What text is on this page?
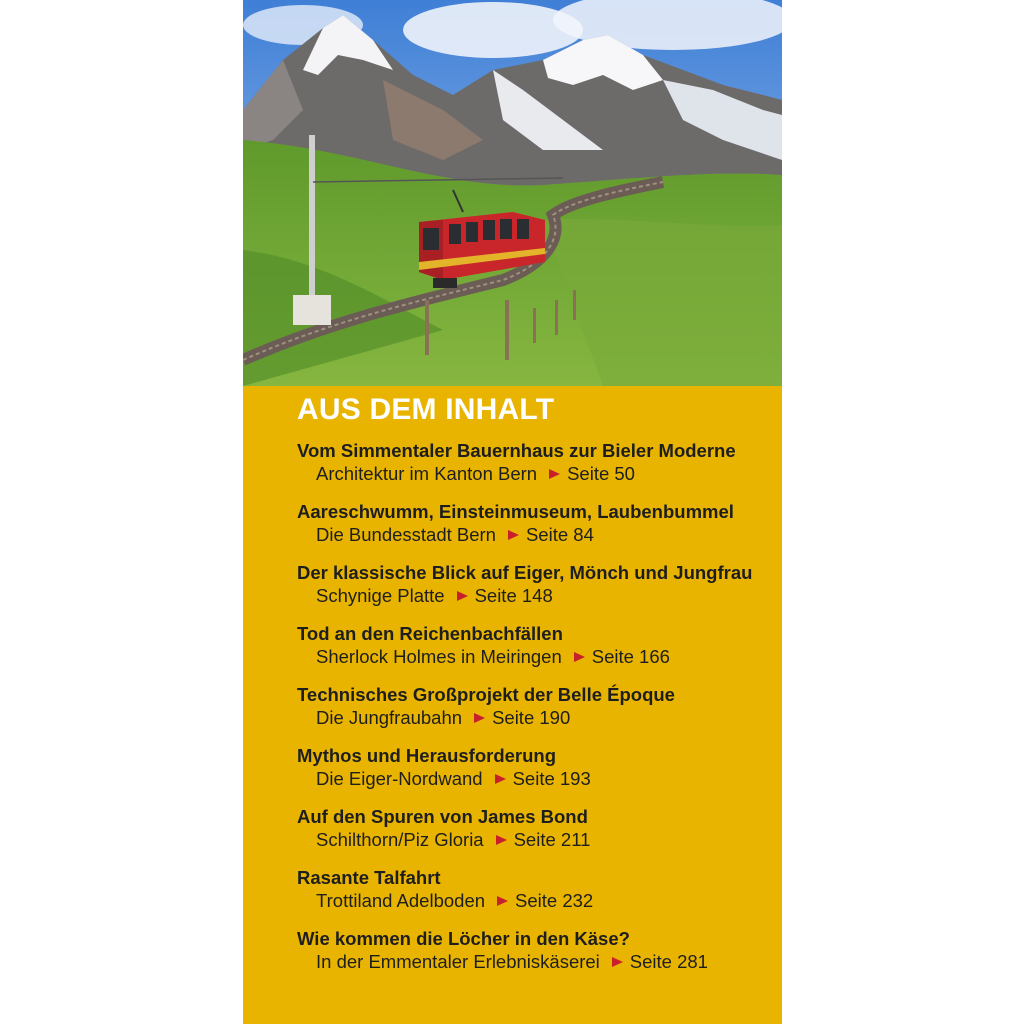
AUS DEM INHALT
Vom Simmentaler Bauernhaus zur Bieler Moderne
Architektur im Kanton Bern Seite 50
Aareschwumm, Einsteinmuseum, Laubenbummel
Die Bundesstadt Bern Seite 84
Der klassische Blick auf Eiger, Mönch und Jungfrau
Schynige Platte Seite 148
Tod an den Reichenbachfällen
Sherlock Holmes in Meiringen Seite 166
Technisches Großprojekt der Belle Époque
Die Jungfraubahn Seite 190
Mythos und Herausforderung
Die Eiger-Nordwand Seite 193
Auf den Spuren von James Bond
Schilthorn/Piz Gloria Seite 211
Rasante Talfahrt
Trottiland Adelboden Seite 232
Wie kommen die Löcher in den Käse?
In der Emmentaler Erlebniskäserei Seite 281
